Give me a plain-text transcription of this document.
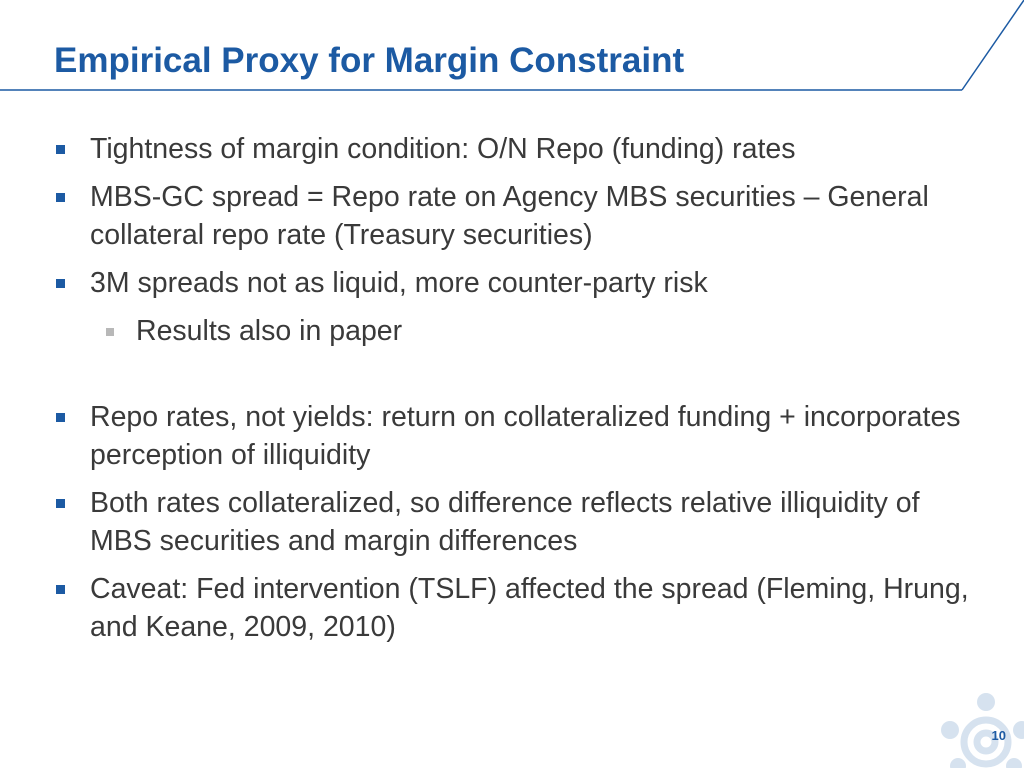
Empirical Proxy for Margin Constraint
Tightness of margin condition: O/N Repo (funding) rates
MBS-GC spread = Repo rate on Agency MBS securities – General collateral repo rate (Treasury securities)
3M spreads not as liquid, more counter-party risk
Results also in paper
Repo rates, not yields: return on collateralized funding + incorporates perception of illiquidity
Both rates collateralized, so difference reflects relative illiquidity of MBS securities and margin differences
Caveat: Fed intervention (TSLF) affected the spread (Fleming, Hrung, and Keane, 2009, 2010)
10
